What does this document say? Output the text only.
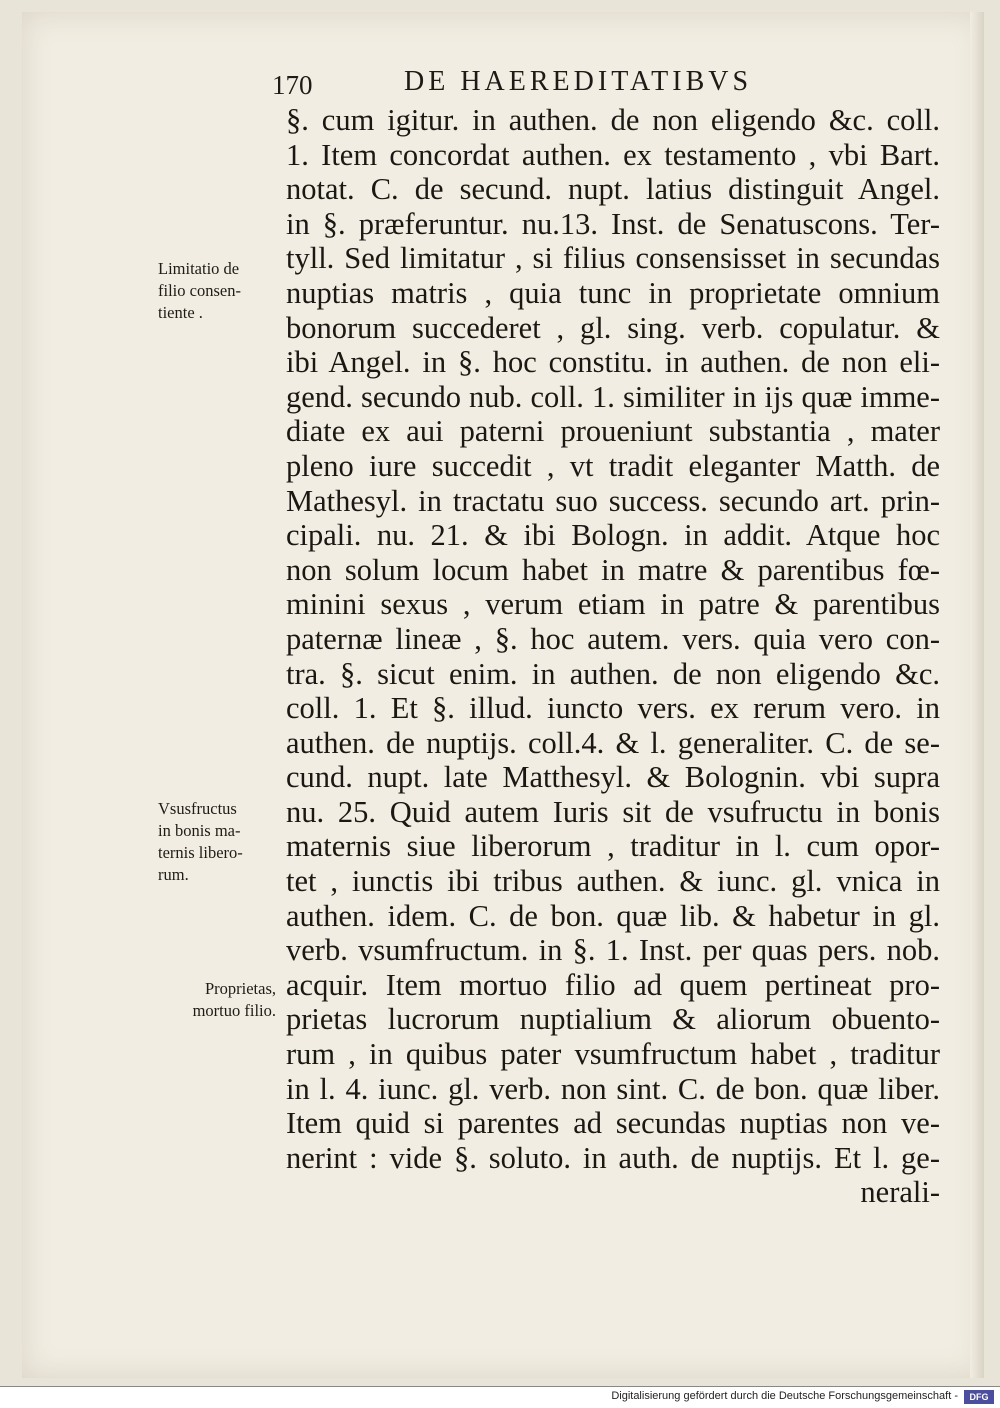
170	DE HAEREDITATIBVS
§. cum igitur. in authen. de non eligendo &c. coll.
1. Item concordat authen. ex testamento , vbi Bart.
notat. C. de secund. nupt. latius distinguit Angel.
in §. præferuntur. nu.13. Inst. de Senatuscons. Ter-
tyll. Sed limitatur , si filius consensisset in secundas
nuptias matris , quia tunc in proprietate omnium
bonorum succederet , gl. sing. verb. copulatur. &
ibi Angel. in §. hoc constitu. in authen. de non eli-
gend. secundo nub. coll. 1. similiter in ijs quæ imme-
diate ex aui paterni proueniunt substantia , mater
pleno iure succedit , vt tradit eleganter Matth. de
Mathesyl. in tractatu suo success. secundo art. prin-
cipali. nu. 21. & ibi Bologn. in addit. Atque hoc
non solum locum habet in matre & parentibus fœ-
minini sexus , verum etiam in patre & parentibus
paternæ lineæ , §. hoc autem. vers. quia vero con-
tra. §. sicut enim. in authen. de non eligendo &c.
coll. 1. Et §. illud. iuncto vers. ex rerum vero. in
authen. de nuptijs. coll.4. & l. generaliter. C. de se-
cund. nupt. late Matthesyl. & Bolognin. vbi supra
nu. 25. Quid autem Iuris sit de vsufructu in bonis
maternis siue liberorum , traditur in l. cum opor-
tet , iunctis ibi tribus authen. & iunc. gl. vnica in
authen. idem. C. de bon. quæ lib. & habetur in gl.
verb. vsumfructum. in §. 1. Inst. per quas pers. nob.
acquir. Item mortuo filio ad quem pertineat pro-
prietas lucrorum nuptialium & aliorum obuento-
rum , in quibus pater vsumfructum habet , traditur
in l. 4. iunc. gl. verb. non sint. C. de bon. quæ liber.
Item quid si parentes ad secundas nuptias non ve-
nerint : vide §. soluto. in auth. de nuptijs. Et l. ge-
nerali-
Limitatio de
filio consen-
tiente .
Vsusfructus
in bonis ma-
ternis libero-
rum.
Proprietas,
mortuo filio.
Digitalisierung gefördert durch die Deutsche Forschungsgemeinschaft -	DFG
